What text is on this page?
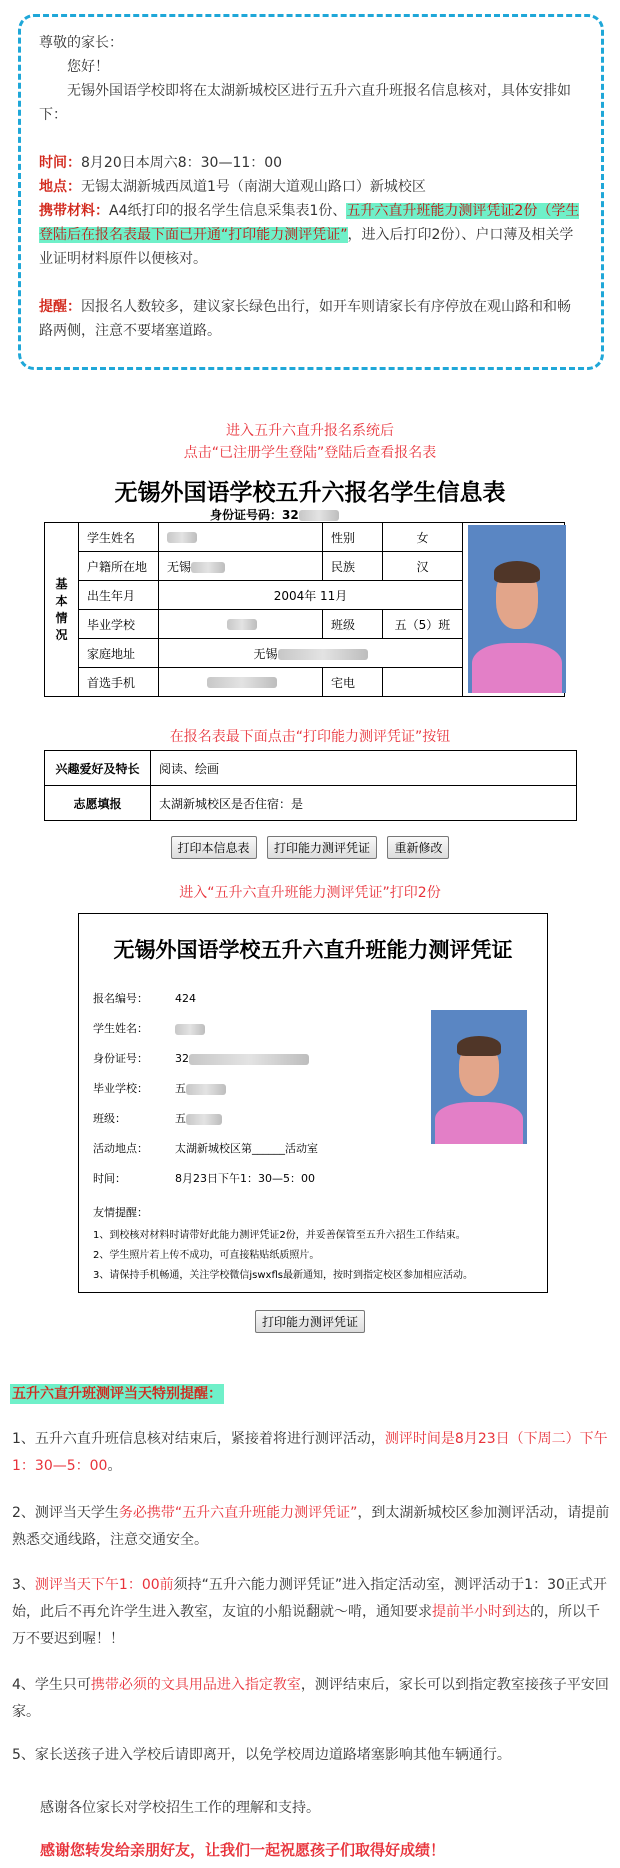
尊敬的家长：

您好！

无锡外国语学校即将在太湖新城校区进行五升六直升班报名信息核对，具体安排如下：

时间：8月20日本周六8：30—11：00

地点：无锡太湖新城西凤道1号（南湖大道观山路口）新城校区

携带材料：A4纸打印的报名学生信息采集表1份、五升六直升班能力测评凭证2份（学生登陆后在报名表最下面已开通“打印能力测评凭证”，进入后打印2份）、户口薄及相关学业证明材料原件以便核对。

提醒：因报名人数较多，建议家长绿色出行，如开车则请家长有序停放在观山路和和畅路两侧，注意不要堵塞道路。

进入五升六直升报名系统后
点击“已注册学生登陆”登陆后查看报名表
无锡外国语学校五升六报名学生信息表
身份证号码：32
基本情况	学生姓名		性别	女	
	户籍所在地	无锡	民族	汉	
	出生年月	2004年 11月			
	毕业学校		班级	五（5）班	
	家庭地址	无锡			
	首选手机		宅电		
在报名表最下面点击“打印能力测评凭证”按钮
兴趣爱好及特长	阅读、绘画
志愿填报	太湖新城校区是否住宿：是
打印本信息表 打印能力测评凭证 重新修改
进入“五升六直升班能力测评凭证”打印2份
无锡外国语学校五升六直升班能力测评凭证
报名编号： 424
学生姓名：
身份证号： 32
毕业学校： 五
班级：	五
活动地点： 太湖新城校区第______活动室
时间：	8月23日下午1：30—5：00
友情提醒：
1、到校核对材料时请带好此能力测评凭证2份，并妥善保管至五升六招生工作结束。
2、学生照片若上传不成功，可直接粘贴纸质照片。
3、请保持手机畅通，关注学校微信jswxfls最新通知，按时到指定校区参加相应活动。
打印能力测评凭证
五升六直升班测评当天特别提醒：
1、五升六直升班信息核对结束后，紧接着将进行测评活动，测评时间是8月23日（下周二）下午1：30—5：00。
2、测评当天学生务必携带“五升六直升班能力测评凭证”，到太湖新城校区参加测评活动，请提前熟悉交通线路，注意交通安全。
3、测评当天下午1：00前须持“五升六能力测评凭证”进入指定活动室，测评活动于1：30正式开始，此后不再允许学生进入教室，友谊的小船说翻就～啃，通知要求提前半小时到达的，所以千万不要迟到喔！！
4、学生只可携带必须的文具用品进入指定教室，测评结束后，家长可以到指定教室接孩子平安回家。
5、家长送孩子进入学校后请即离开，以免学校周边道路堵塞影响其他车辆通行。
感谢各位家长对学校招生工作的理解和支持。
感谢您转发给亲朋好友，让我们一起祝愿孩子们取得好成绩！
